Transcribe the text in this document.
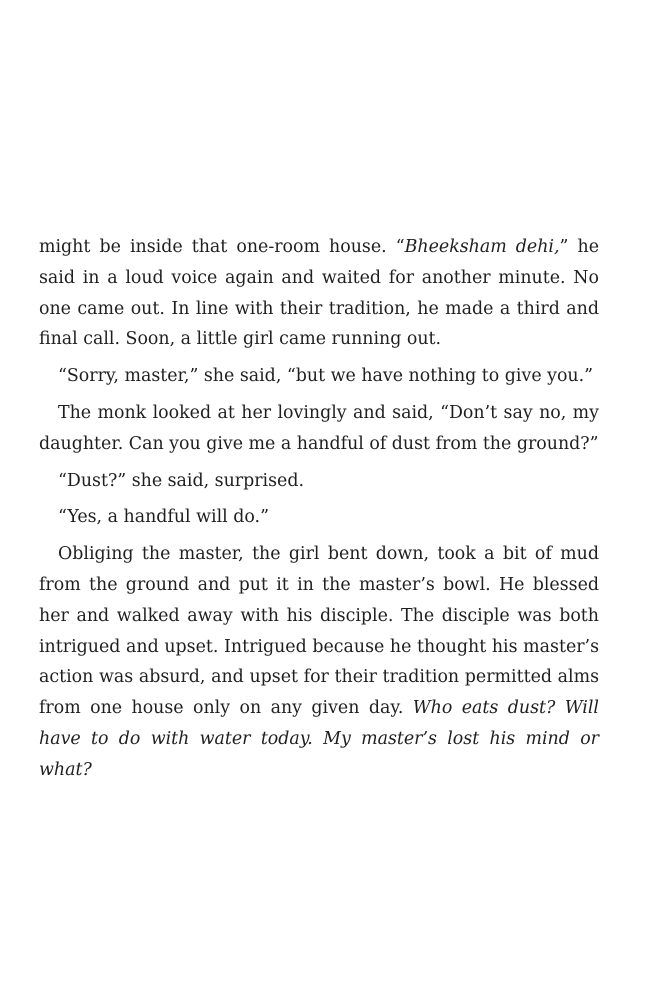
might be inside that one-room house. “Bheeksham dehi,” he said in a loud voice again and waited for another minute. No one came out. In line with their tradition, he made a third and final call. Soon, a little girl came running out.

“Sorry, master,” she said, “but we have nothing to give you.”

The monk looked at her lovingly and said, “Don’t say no, my daughter. Can you give me a handful of dust from the ground?”

“Dust?” she said, surprised.

“Yes, a handful will do.”

Obliging the master, the girl bent down, took a bit of mud from the ground and put it in the master’s bowl. He blessed her and walked away with his disciple. The disciple was both intrigued and upset. Intrigued because he thought his master’s action was absurd, and upset for their tradition permitted alms from one house only on any given day. Who eats dust? Will have to do with water today. My master’s lost his mind or what?
